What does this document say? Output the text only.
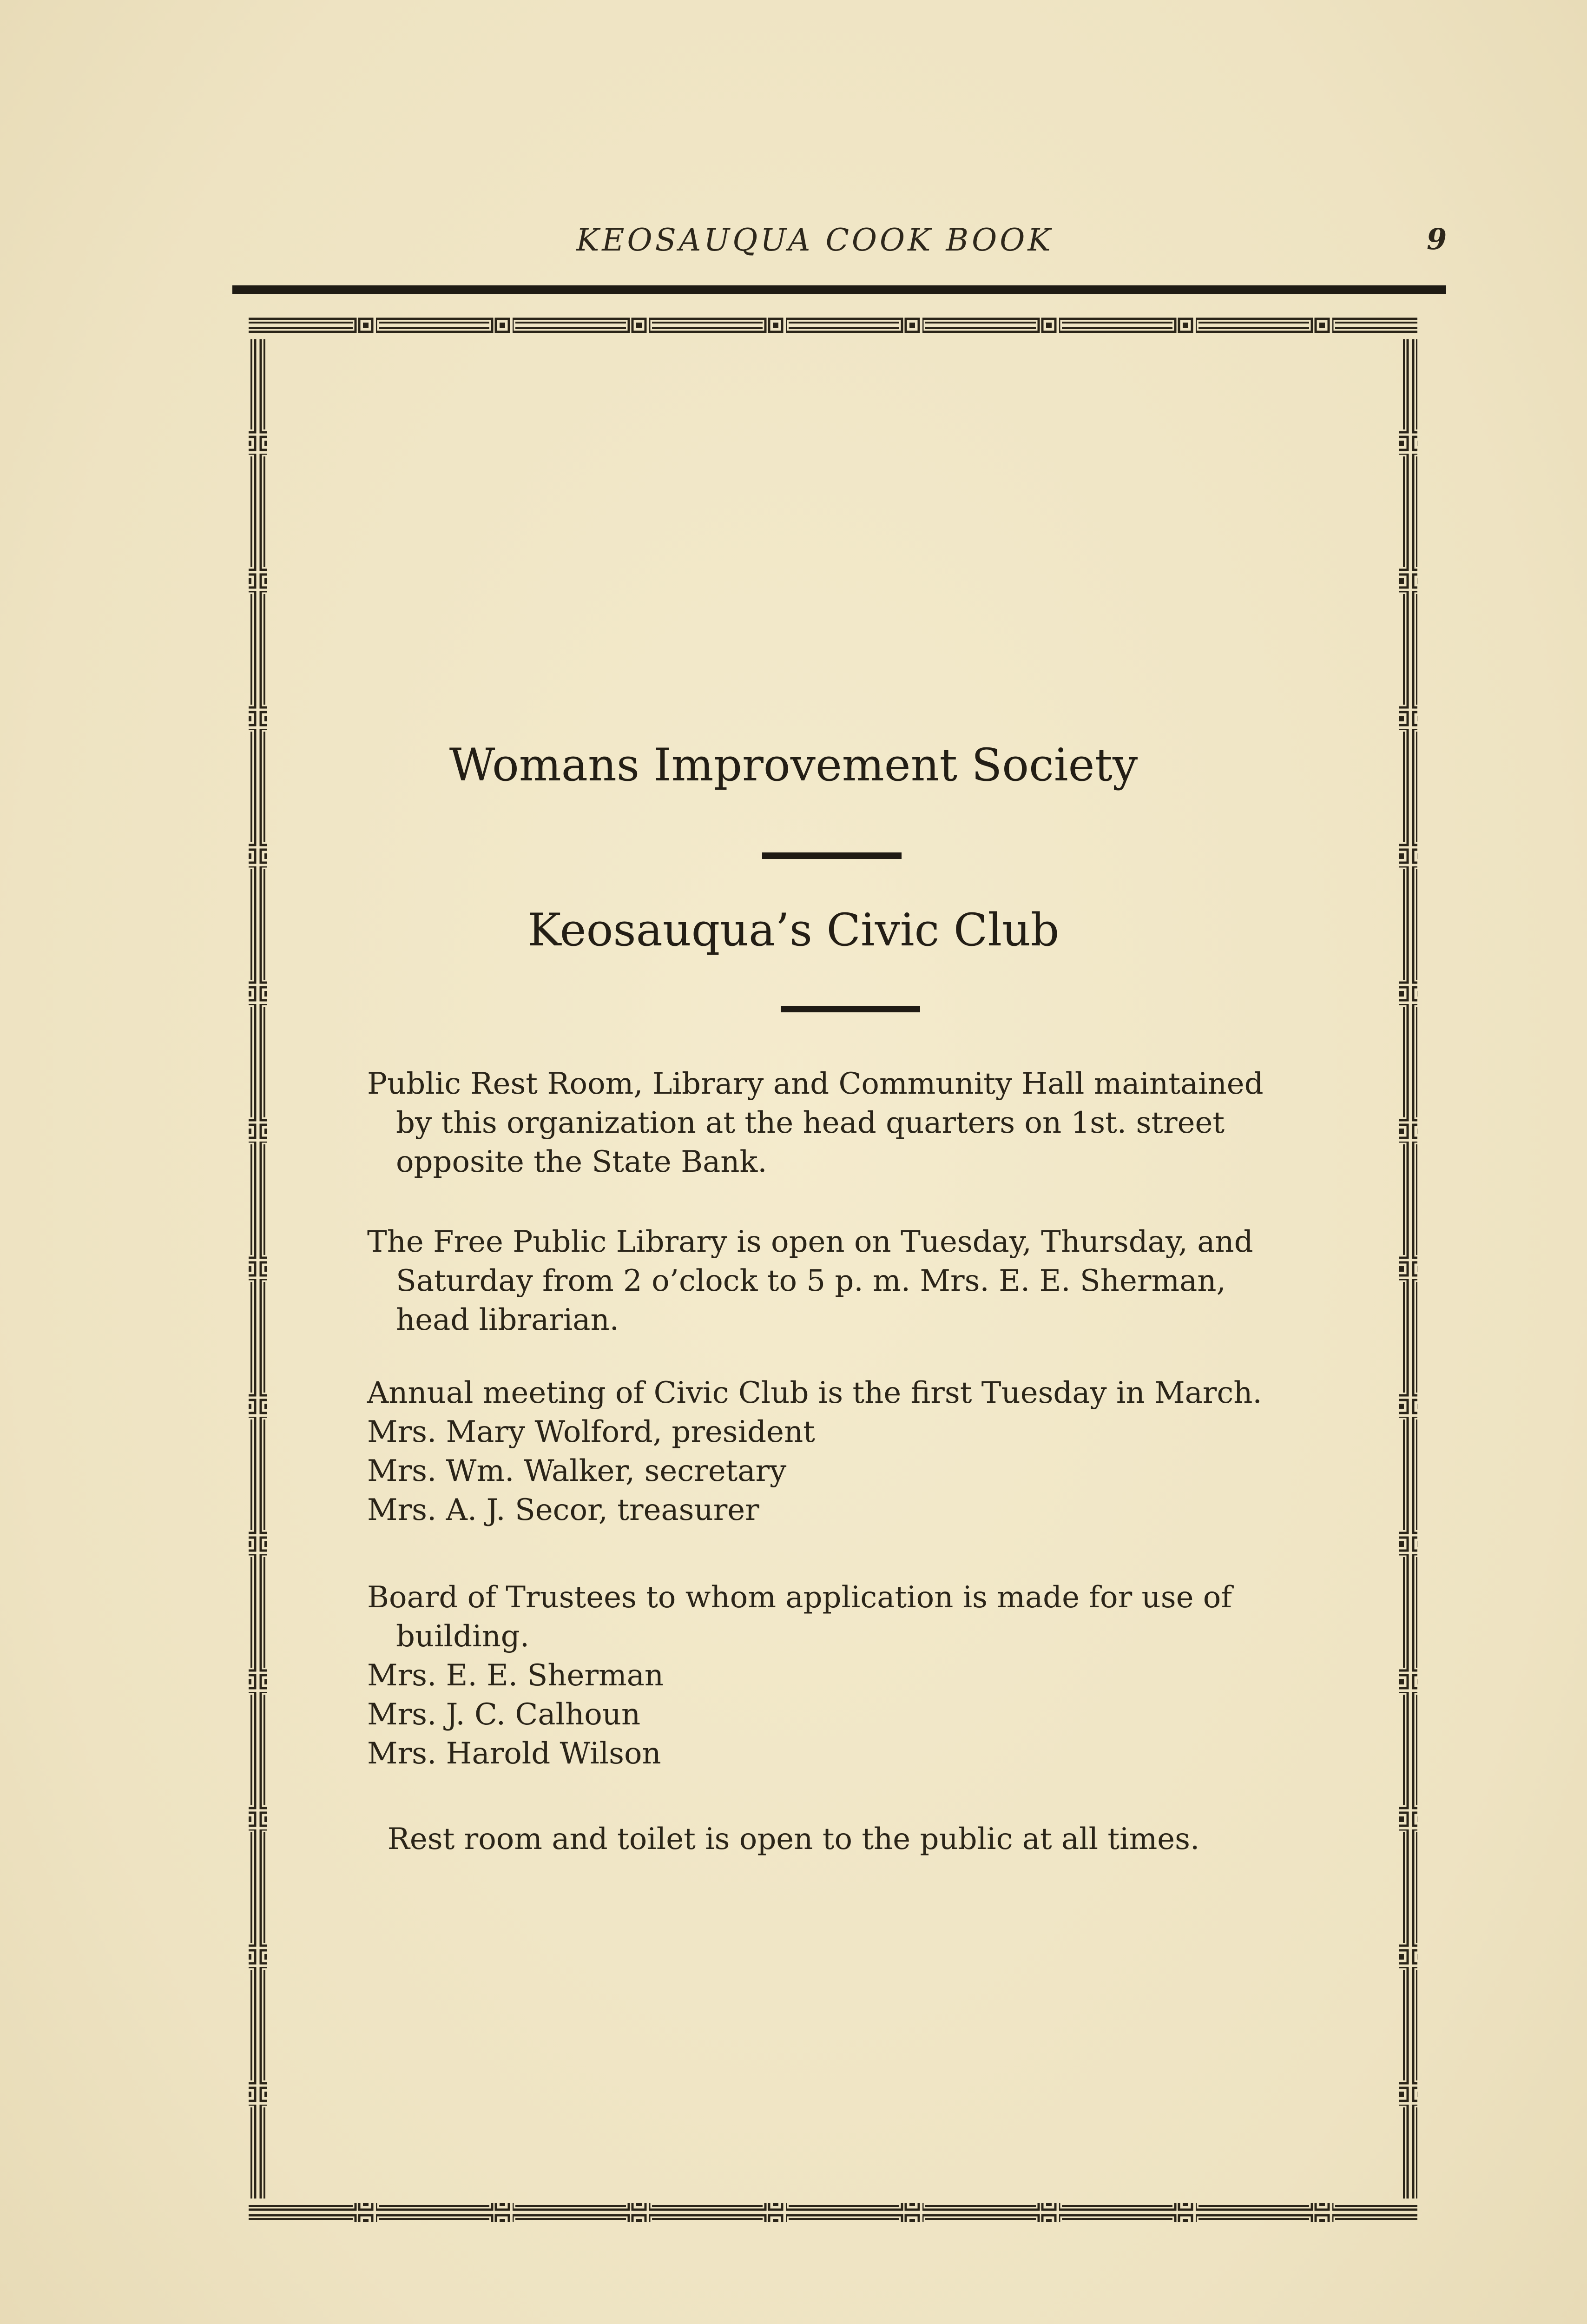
KEOSAUQUA COOK BOOK	9
Womans Improvement Society
Keosauqua’s Civic Club

Public Rest Room, Library and Community Hall maintained by this organization at the head quarters on 1st. street opposite the State Bank.

The Free Public Library is open on Tuesday, Thursday, and Saturday from 2 o’clock to 5 p. m. Mrs. E. E. Sherman, head librarian.

Annual meeting of Civic Club is the first Tuesday in March.

Mrs. Mary Wolford, president

Mrs. Wm. Walker, secretary

Mrs. A. J. Secor, treasurer

Board of Trustees to whom application is made for use of building.

Mrs. E. E. Sherman

Mrs. J. C. Calhoun

Mrs. Harold Wilson

Rest room and toilet is open to the public at all times.
